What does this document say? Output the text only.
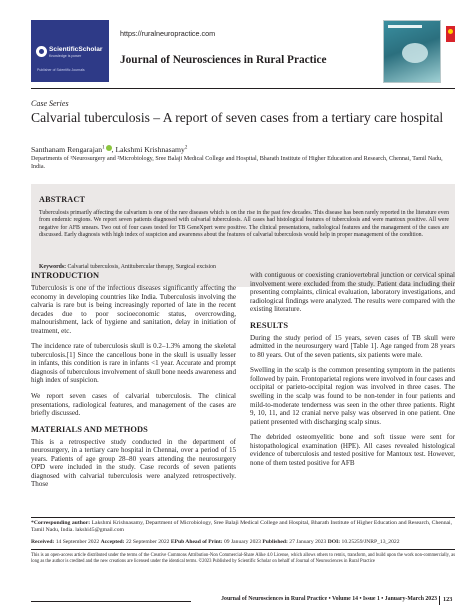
ScientificScholar
Knowledge is power
Publisher of Scientific Journals
https://ruralneuropractice.com
Journal of Neurosciences in Rural Practice
Case Series
Calvarial tuberculosis – A report of seven cases from a tertiary care hospital
Santhanam Rengarajan$^1$ , Lakshmi Krishnasamy$^2$
Departments of ¹Neurosurgery and ²Microbiology, Sree Balaji Medical College and Hospital, Bharath Institute of Higher Education and Research, Chennai, Tamil Nadu, India.
ABSTRACT
Tuberculosis primarily affecting the calvarium is one of the rare diseases which is on the rise in the past few decades. This disease has been rarely reported in the literature even from endemic regions. We report seven patients diagnosed with calvarial tuberculosis. All cases had histological features of tuberculosis and were mantoux positive. All were negative for AFB smears. Two out of four cases tested for TB GeneXpert were positive. The clinical presentations, radiological features and the management of the cases are discussed. Early diagnosis with high index of suspicion and awareness about the features of calvarial tuberculosis would help in proper management of the condition.
Keywords: Calvarial tuberculosis, Antitubercular therapy, Surgical excision
INTRODUCTION

Tuberculosis is one of the infectious diseases significantly affecting the economy in developing countries like India. Tuberculosis involving the calvaria is rare but is being increasingly reported of late in the recent decades due to poor socioeconomic status, overcrowding, malnourishment, lack of hygiene and sanitation, delay in initiation of treatment, etc.

The incidence rate of tuberculosis skull is 0.2–1.3% among the skeletal tuberculosis.[1] Since the cancellous bone in the skull is usually lesser in infants, this condition is rare in infants <1 year. Accurate and prompt diagnosis of tuberculous involvement of skull bone needs awareness and high index of suspicion.

We report seven cases of calvarial tuberculosis. The clinical presentations, radiological features, and management of the cases are briefly discussed.

MATERIALS AND METHODS

This is a retrospective study conducted in the department of neurosurgery, in a tertiary care hospital in Chennai, over a period of 15 years. Patients of age group 28–80 years attending the neurosurgery OPD were included in the study. Case records of seven patients diagnosed with calvarial tuberculosis were analyzed retrospectively. Those

with contiguous or coexisting craniovertebral junction or cervical spinal involvement were excluded from the study. Patient data including their presenting complaints, clinical evaluation, laboratory investigations, and radiological findings were analyzed. The results were compared with the existing literature.

RESULTS

During the study period of 15 years, seven cases of TB skull were admitted in the neurosurgery ward [Table 1]. Age ranged from 28 years to 80 years. Out of the seven patients, six patients were male.

Swelling in the scalp is the common presenting symptom in the patients followed by pain. Frontoparietal regions were involved in four cases and occipital or parieto-occipital region was involved in three cases. The swelling in the scalp was found to be non-tender in four patients and mild-to-moderate tenderness was seen in the other three patients. Right 9, 10, 11, and 12 cranial nerve palsy was observed in one patient. One patient presented with discharging scalp sinus.

The debrided osteomyelitic bone and soft tissue were sent for histopathological examination (HPE). All cases revealed histological evidence of tuberculosis and tested positive for Mantoux test. However, none of them tested positive for AFB

*Corresponding author: Lakshmi Krishnasamy, Department of Microbiology, Sree Balaji Medical College and Hospital, Bharath Institute of Higher Education and Research, Chennai, Tamil Nadu, India. lakshi45@gmail.com
Received: 14 September 2022 Accepted: 22 September 2022 EPub Ahead of Print: 09 January 2023 Published: 27 January 2023 DOI: 10.25259/JNRP_13_2022
This is an open-access article distributed under the terms of the Creative Commons Attribution-Non Commercial-Share Alike 4.0 License, which allows others to remix, transform, and build upon the work non-commercially, as long as the author is credited and the new creations are licensed under the identical terms. ©2023 Published by Scientific Scholar on behalf of Journal of Neurosciences in Rural Practice
Journal of Neurosciences in Rural Practice • Volume 14 • Issue 1 • January-March 2023 123
